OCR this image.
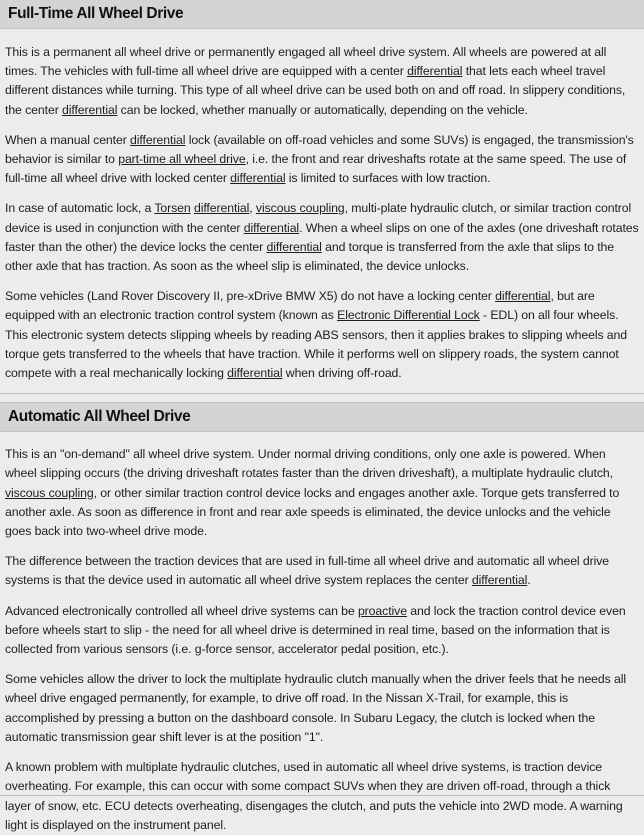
Full-Time All Wheel Drive

This is a permanent all wheel drive or permanently engaged all wheel drive system. All wheels are powered at all times. The vehicles with full-time all wheel drive are equipped with a center differential that lets each wheel travel different distances while turning. This type of all wheel drive can be used both on and off road. In slippery conditions, the center differential can be locked, whether manually or automatically, depending on the vehicle.

When a manual center differential lock (available on off-road vehicles and some SUVs) is engaged, the transmission's behavior is similar to part-time all wheel drive, i.e. the front and rear driveshafts rotate at the same speed. The use of full-time all wheel drive with locked center differential is limited to surfaces with low traction.

In case of automatic lock, a Torsen differential, viscous coupling, multi-plate hydraulic clutch, or similar traction control device is used in conjunction with the center differential. When a wheel slips on one of the axles (one driveshaft rotates faster than the other) the device locks the center differential and torque is transferred from the axle that slips to the other axle that has traction. As soon as the wheel slip is eliminated, the device unlocks.

Some vehicles (Land Rover Discovery II, pre-xDrive BMW X5) do not have a locking center differential, but are equipped with an electronic traction control system (known as Electronic Differential Lock - EDL) on all four wheels. This electronic system detects slipping wheels by reading ABS sensors, then it applies brakes to slipping wheels and torque gets transferred to the wheels that have traction. While it performs well on slippery roads, the system cannot compete with a real mechanically locking differential when driving off-road.

Automatic All Wheel Drive

This is an "on-demand" all wheel drive system. Under normal driving conditions, only one axle is powered. When wheel slipping occurs (the driving driveshaft rotates faster than the driven driveshaft), a multiplate hydraulic clutch, viscous coupling, or other similar traction control device locks and engages another axle. Torque gets transferred to another axle. As soon as difference in front and rear axle speeds is eliminated, the device unlocks and the vehicle goes back into two-wheel drive mode.

The difference between the traction devices that are used in full-time all wheel drive and automatic all wheel drive systems is that the device used in automatic all wheel drive system replaces the center differential.

Advanced electronically controlled all wheel drive systems can be proactive and lock the traction control device even before wheels start to slip - the need for all wheel drive is determined in real time, based on the information that is collected from various sensors (i.e. g-force sensor, accelerator pedal position, etc.).

Some vehicles allow the driver to lock the multiplate hydraulic clutch manually when the driver feels that he needs all wheel drive engaged permanently, for example, to drive off road. In the Nissan X-Trail, for example, this is accomplished by pressing a button on the dashboard console. In Subaru Legacy, the clutch is locked when the automatic transmission gear shift lever is at the position "1".

A known problem with multiplate hydraulic clutches, used in automatic all wheel drive systems, is traction device overheating. For example, this can occur with some compact SUVs when they are driven off-road, through a thick layer of snow, etc. ECU detects overheating, disengages the clutch, and puts the vehicle into 2WD mode. A warning light is displayed on the instrument panel.
